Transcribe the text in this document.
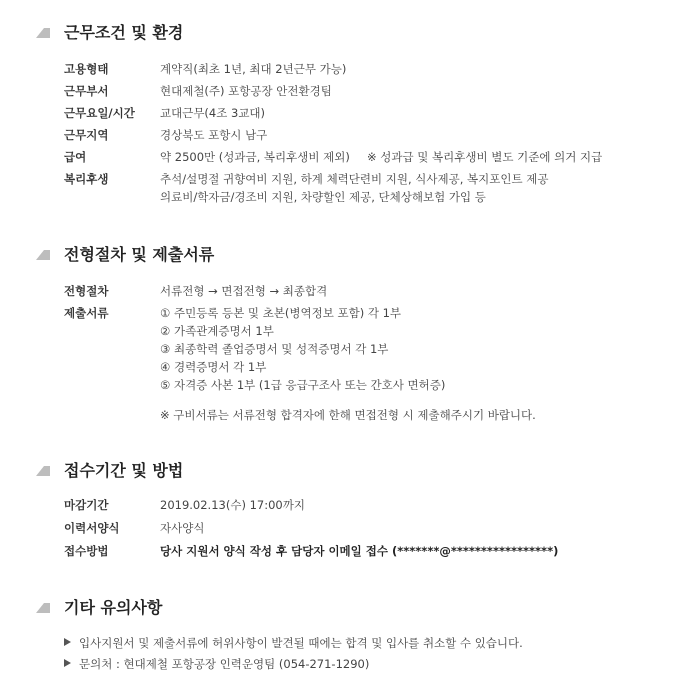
근무조건 및 환경
고용형태	계약직(최초 1년, 최대 2년근무 가능)
근무부서	현대제철(주) 포항공장 안전환경팀
근무요일/시간 교대근무(4조 3교대)
근무지역	경상북도 포항시 남구
급여	약 2500만 (성과금, 복리후생비 제외) ※ 성과급 및 복리후생비 별도 기준에 의거 지급
복리후생	추석/설명절 귀향여비 지원, 하계 체력단련비 지원, 식사제공, 복지포인트 제공
의료비/학자금/경조비 지원, 차량할인 제공, 단체상해보험 가입 등
전형절차 및 제출서류
전형절차	서류전형 → 면접전형 → 최종합격
제출서류	① 주민등록 등본 및 초본(병역정보 포함) 각 1부
② 가족관계증명서 1부
③ 최종학력 졸업증명서 및 성적증명서 각 1부
④ 경력증명서 각 1부
⑤ 자격증 사본 1부 (1급 응급구조사 또는 간호사 면허증)
※ 구비서류는 서류전형 합격자에 한해 면접전형 시 제출해주시기 바랍니다.
접수기간 및 방법
마감기간	2019.02.13(수) 17:00까지
이력서양식	자사양식
접수방법	당사 지원서 양식 작성 후 담당자 이메일 접수 (*******@*****************)
기타 유의사항
입사지원서 및 제출서류에 허위사항이 발견될 때에는 합격 및 입사를 취소할 수 있습니다.
문의처 : 현대제철 포항공장 인력운영팀 (054-271-1290)
